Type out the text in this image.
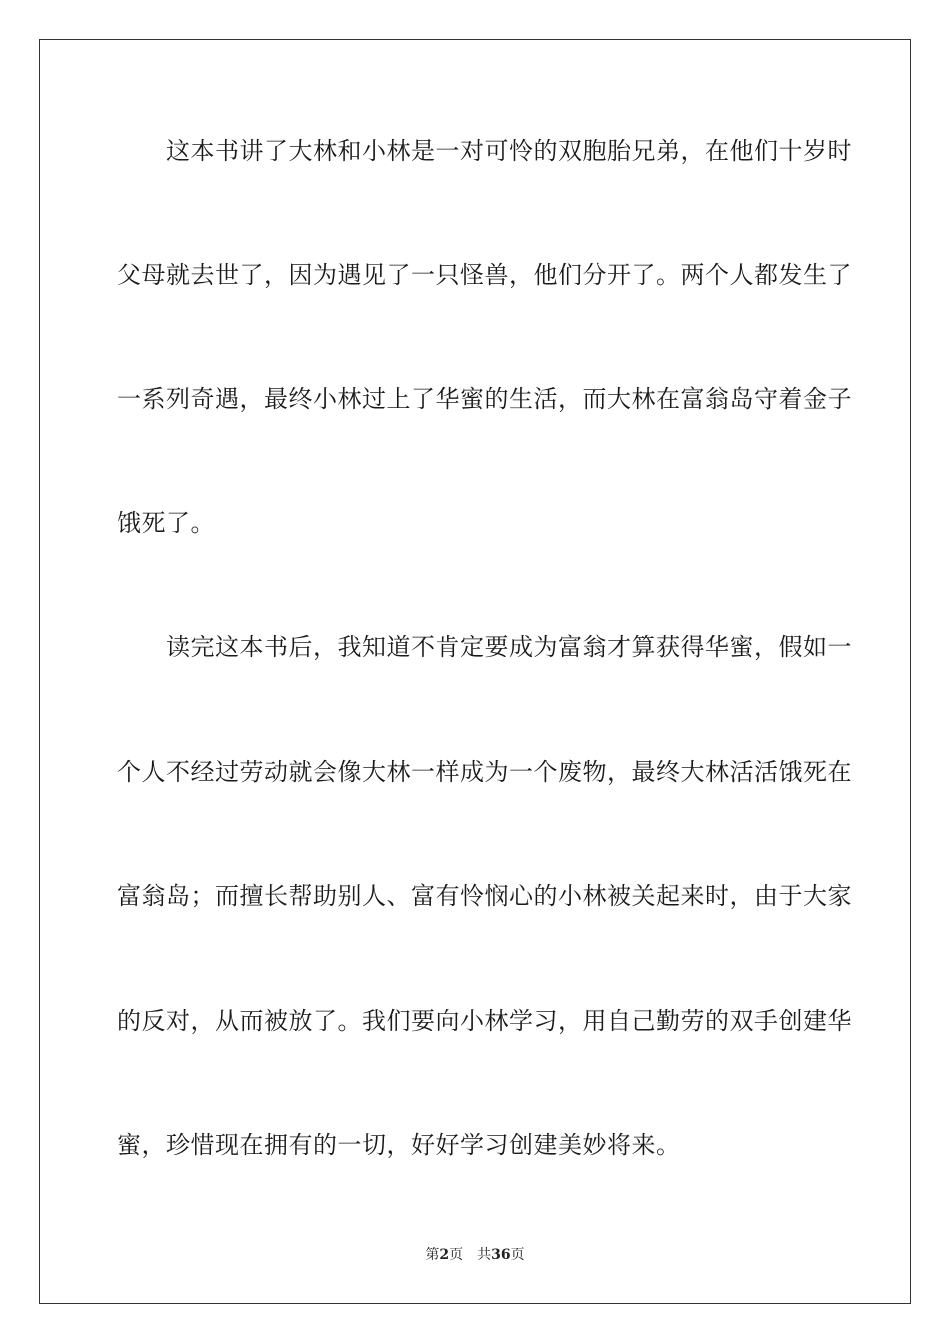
　　这本书讲了大林和小林是一对可怜的双胞胎兄弟，在他们十岁时
父母就去世了，因为遇见了一只怪兽，他们分开了。两个人都发生了
一系列奇遇，最终小林过上了华蜜的生活，而大林在富翁岛守着金子
饿死了。
　　读完这本书后，我知道不肯定要成为富翁才算获得华蜜，假如一
个人不经过劳动就会像大林一样成为一个废物，最终大林活活饿死在
富翁岛；而擅长帮助别人、富有怜悯心的小林被关起来时，由于大家
的反对，从而被放了。我们要向小林学习，用自己勤劳的双手创建华
蜜，珍惜现在拥有的一切，好好学习创建美妙将来。
第2页 共36页
